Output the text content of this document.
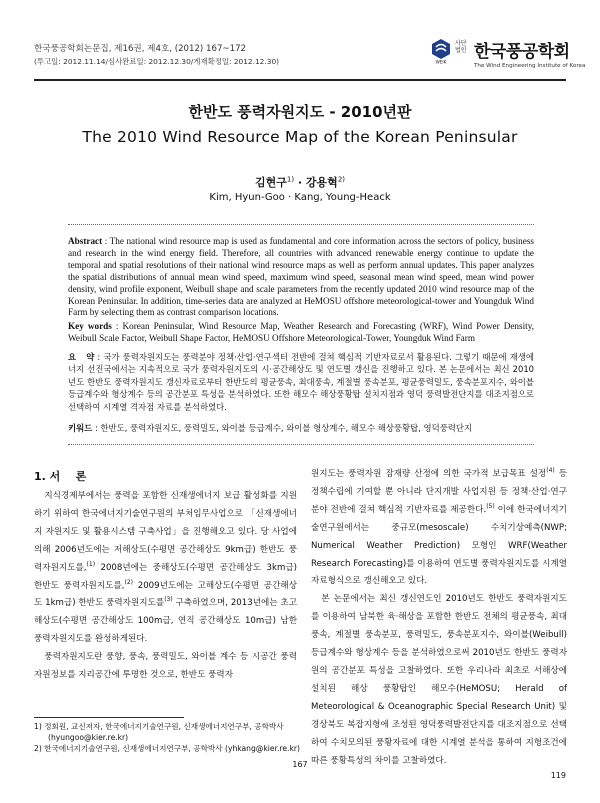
한국풍공학회논문집, 제16권, 제4호, (2012) 167~172
(투고일: 2012.11.14/심사완료일: 2012.12.30/게재확정일: 2012.12.30)	WEIK
사단 법인 한국풍공학회
The Wind Engineering Institute of Korea
한반도 풍력자원지도 - 2010년판
The 2010 Wind Resource Map of the Korean Peninsular
김현구$^{1)}$ · 강용혁$^{2)}$
Kim, Hyun-Goo · Kang, Young-Heack
Abstract : The national wind resource map is used as fundamental and core information across the sectors of policy, business and research in the wind energy field. Therefore, all countries with advanced renewable energy continue to update the temporal and spatial resolutions of their national wind resource maps as well as perform annual updates. This paper analyzes the spatial distributions of annual mean wind speed, maximum wind speed, seasonal mean wind speed, mean wind power density, wind profile exponent, Weibull shape and scale parameters from the recently updated 2010 wind resource map of the Korean Peninsular. In addition, time-series data are analyzed at HeMOSU offshore meteorological-tower and Youngduk Wind Farm by selecting them as contrast comparison locations.
Key words : Korean Peninsular, Wind Resource Map, Weather Research and Forecasting (WRF), Wind Power Density, Weibull Scale Factor, Weibull Shape Factor, HeMOSU Offshore Meteorological-Tower, Youngduk Wind Farm
요   약 : 국가 풍력자원지도는 풍력분야 정책·산업·연구섹터 전반에 걸쳐 핵심적 기반자료로서 활용된다. 그렇기 때문에 재생에너지 선진국에서는 지속적으로 국가 풍력자원지도의 시·공간해상도 및 연도별 갱신을 진행하고 있다. 본 논문에서는 최신 2010년도 한반도 풍력자원지도 갱신자료로부터 한반도의 평균풍속, 최대풍속, 계절별 풍속분포, 평균풍력밀도, 풍속분포지수, 와이블 등급계수와 형상계수 등의 공간분포 특성을 분석하였다. 또한 해모수 해상풍황탑 설치지점과 영덕 풍력발전단지를 대조지점으로 선택하여 시계열 격자점 자료를 분석하였다.
키워드 : 한반도, 풍력자원지도, 풍력밀도, 와이블 등급계수, 와이블 형상계수, 해모수 해상풍황탑, 영덕풍력단지
1. 서    론

지식경제부에서는 풍력을 포함한 신재생에너지 보급 활성화를 지원하기 위하여 한국에너지기술연구원의 부처임무사업으로 「신재생에너지 자원지도 및 활용시스템 구축사업」을 진행해오고 있다. 당 사업에 의해 2006년도에는 저해상도(수평면 공간해상도 9km급) 한반도 풍력자원지도를,$^{(1)}$ 2008년에는 중해상도(수평면 공간해상도 3km급) 한반도 풍력자원지도를,$^{(2)}$ 2009년도에는 고해상도(수평면 공간해상도 1km급) 한반도 풍력자원지도를$^{(3)}$ 구축하였으며, 2013년에는 초고해상도(수평면 공간해상도 100m급, 연직 공간해상도 10m급) 남한 풍력자원지도를 완성하게된다.

풍력자원지도란 풍향, 풍속, 풍력밀도, 와이블 계수 등 시공간 풍력자원정보를 지리공간에 투명한 것으로, 한반도 풍력자

원지도는 풍력자원 잠재량 산정에 의한 국가적 보급목표 설정$^{(4)}$ 등 정책수립에 기여할 뿐 아니라 단지개발 사업지원 등 정책·산업·연구분야 전반에 걸쳐 핵심적 기반자료를 제공한다.$^{(5)}$ 이에 한국에너지기술연구원에서는 중규모(mesoscale) 수치기상예측(NWP; Numerical Weather Prediction) 모형인 WRF(Weather Research Forecasting)를 이용하여 연도별 풍력자원지도를 시계열 자료형식으로 갱신해오고 있다.

본 논문에서는 최신 갱신연도인 2010년도 한반도 풍력자원지도를 이용하여 남북한 육·해상을 포함한 한반도 전체의 평균풍속, 최대풍속, 계절별 풍속분포, 풍력밀도, 풍속분포지수, 와이블(Weibull) 등급계수와 형상계수 등을 분석하였으로써 2010년도 한반도 풍력자원의 공간분포 특성을 고찰하였다. 또한 우리나라 최초로 서해상에 설치된 해상 풍황탑인 해모수(HeMOSU; Herald of Meteorological & Oceanographic Special Research Unit) 및 경상북도 복잡지형에 조성된 영덕풍력발전단지를 대조지점으로 선택하여 수치모의된 풍황자료에 대한 시계열 분석을 통하여 지형조건에 따른 풍황특성의 차이를 고찰하였다.

1) 정회원, 교신저자, 한국에너지기술연구원, 신재생에너지연구부, 공학박사(hyungoo@kier.re.kr)
2) 한국에너지기술연구원, 신재생에너지연구부, 공학박사 (yhkang@kier.re.kr)
167
119
